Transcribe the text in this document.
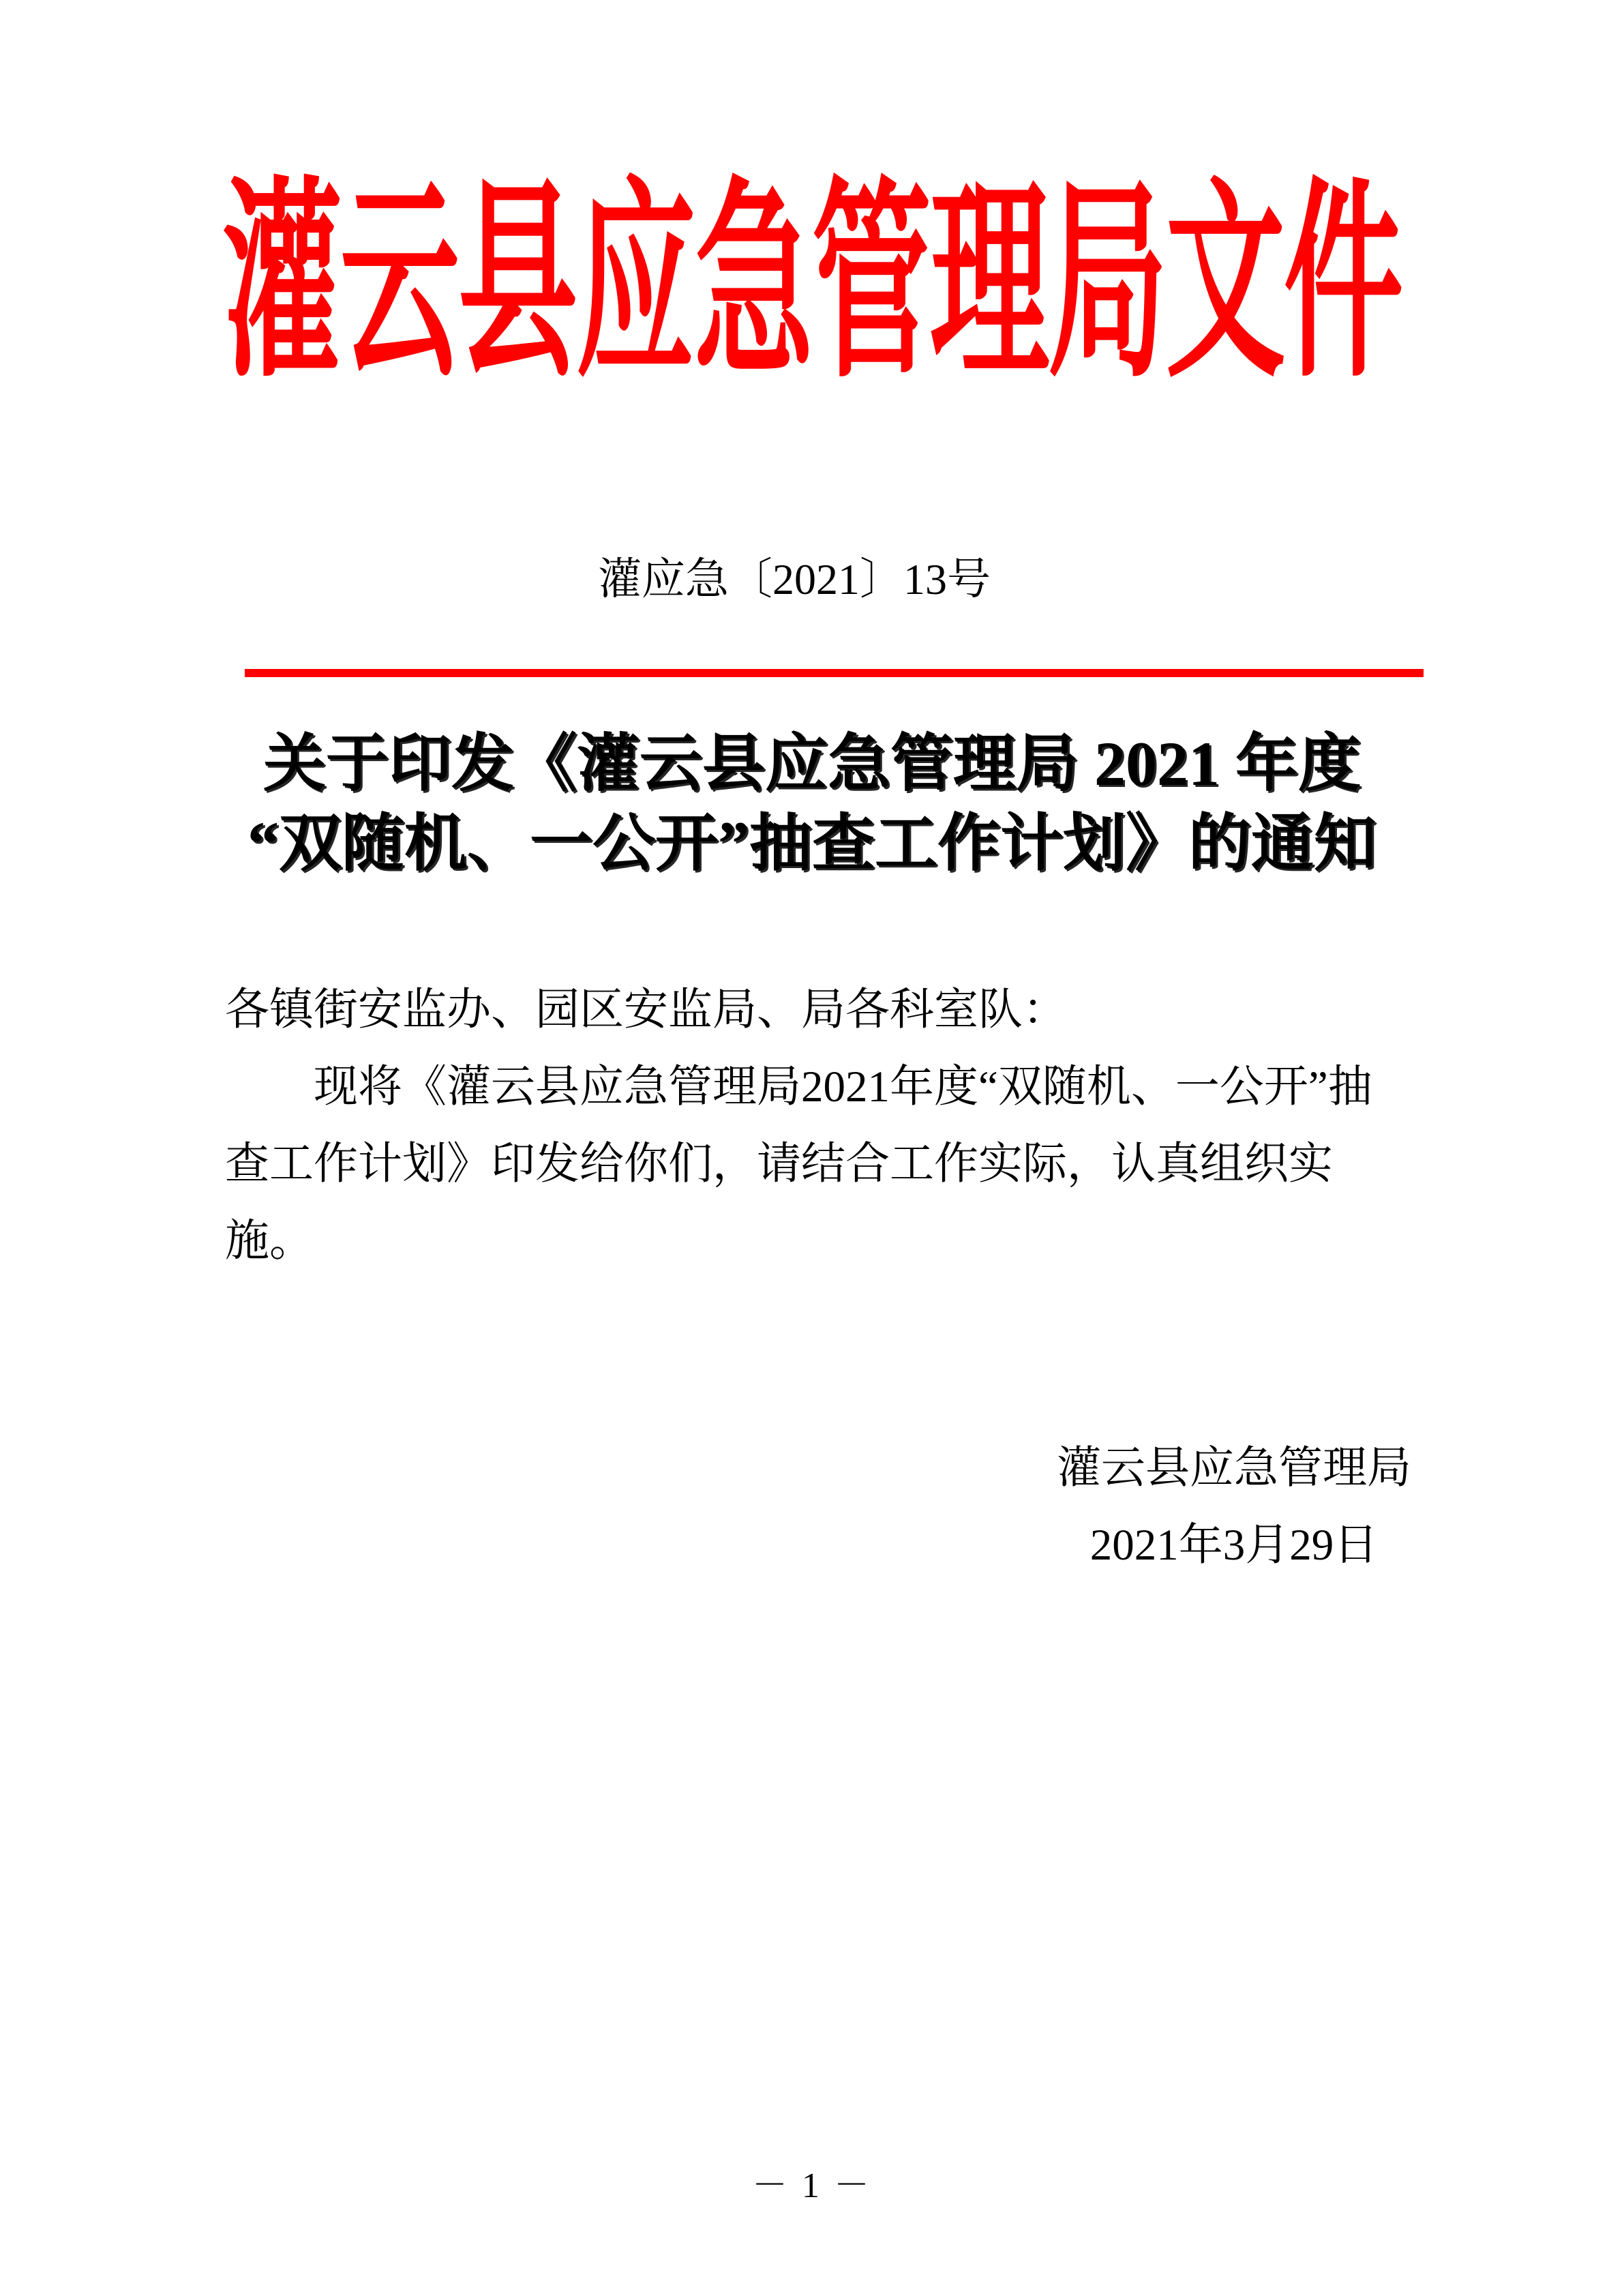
灌云县应急管理局文件
灌应急〔2021〕13号
关于印发《灌云县应急管理局 2021 年度
“双随机、一公开”抽查工作计划》的通知

各镇街安监办、园区安监局、局各科室队：

现将《灌云县应急管理局2021年度“双随机、一公开”抽查工作计划》印发给你们，请结合工作实际，认真组织实施。

灌云县应急管理局
2021年3月29日
－ 1 －
